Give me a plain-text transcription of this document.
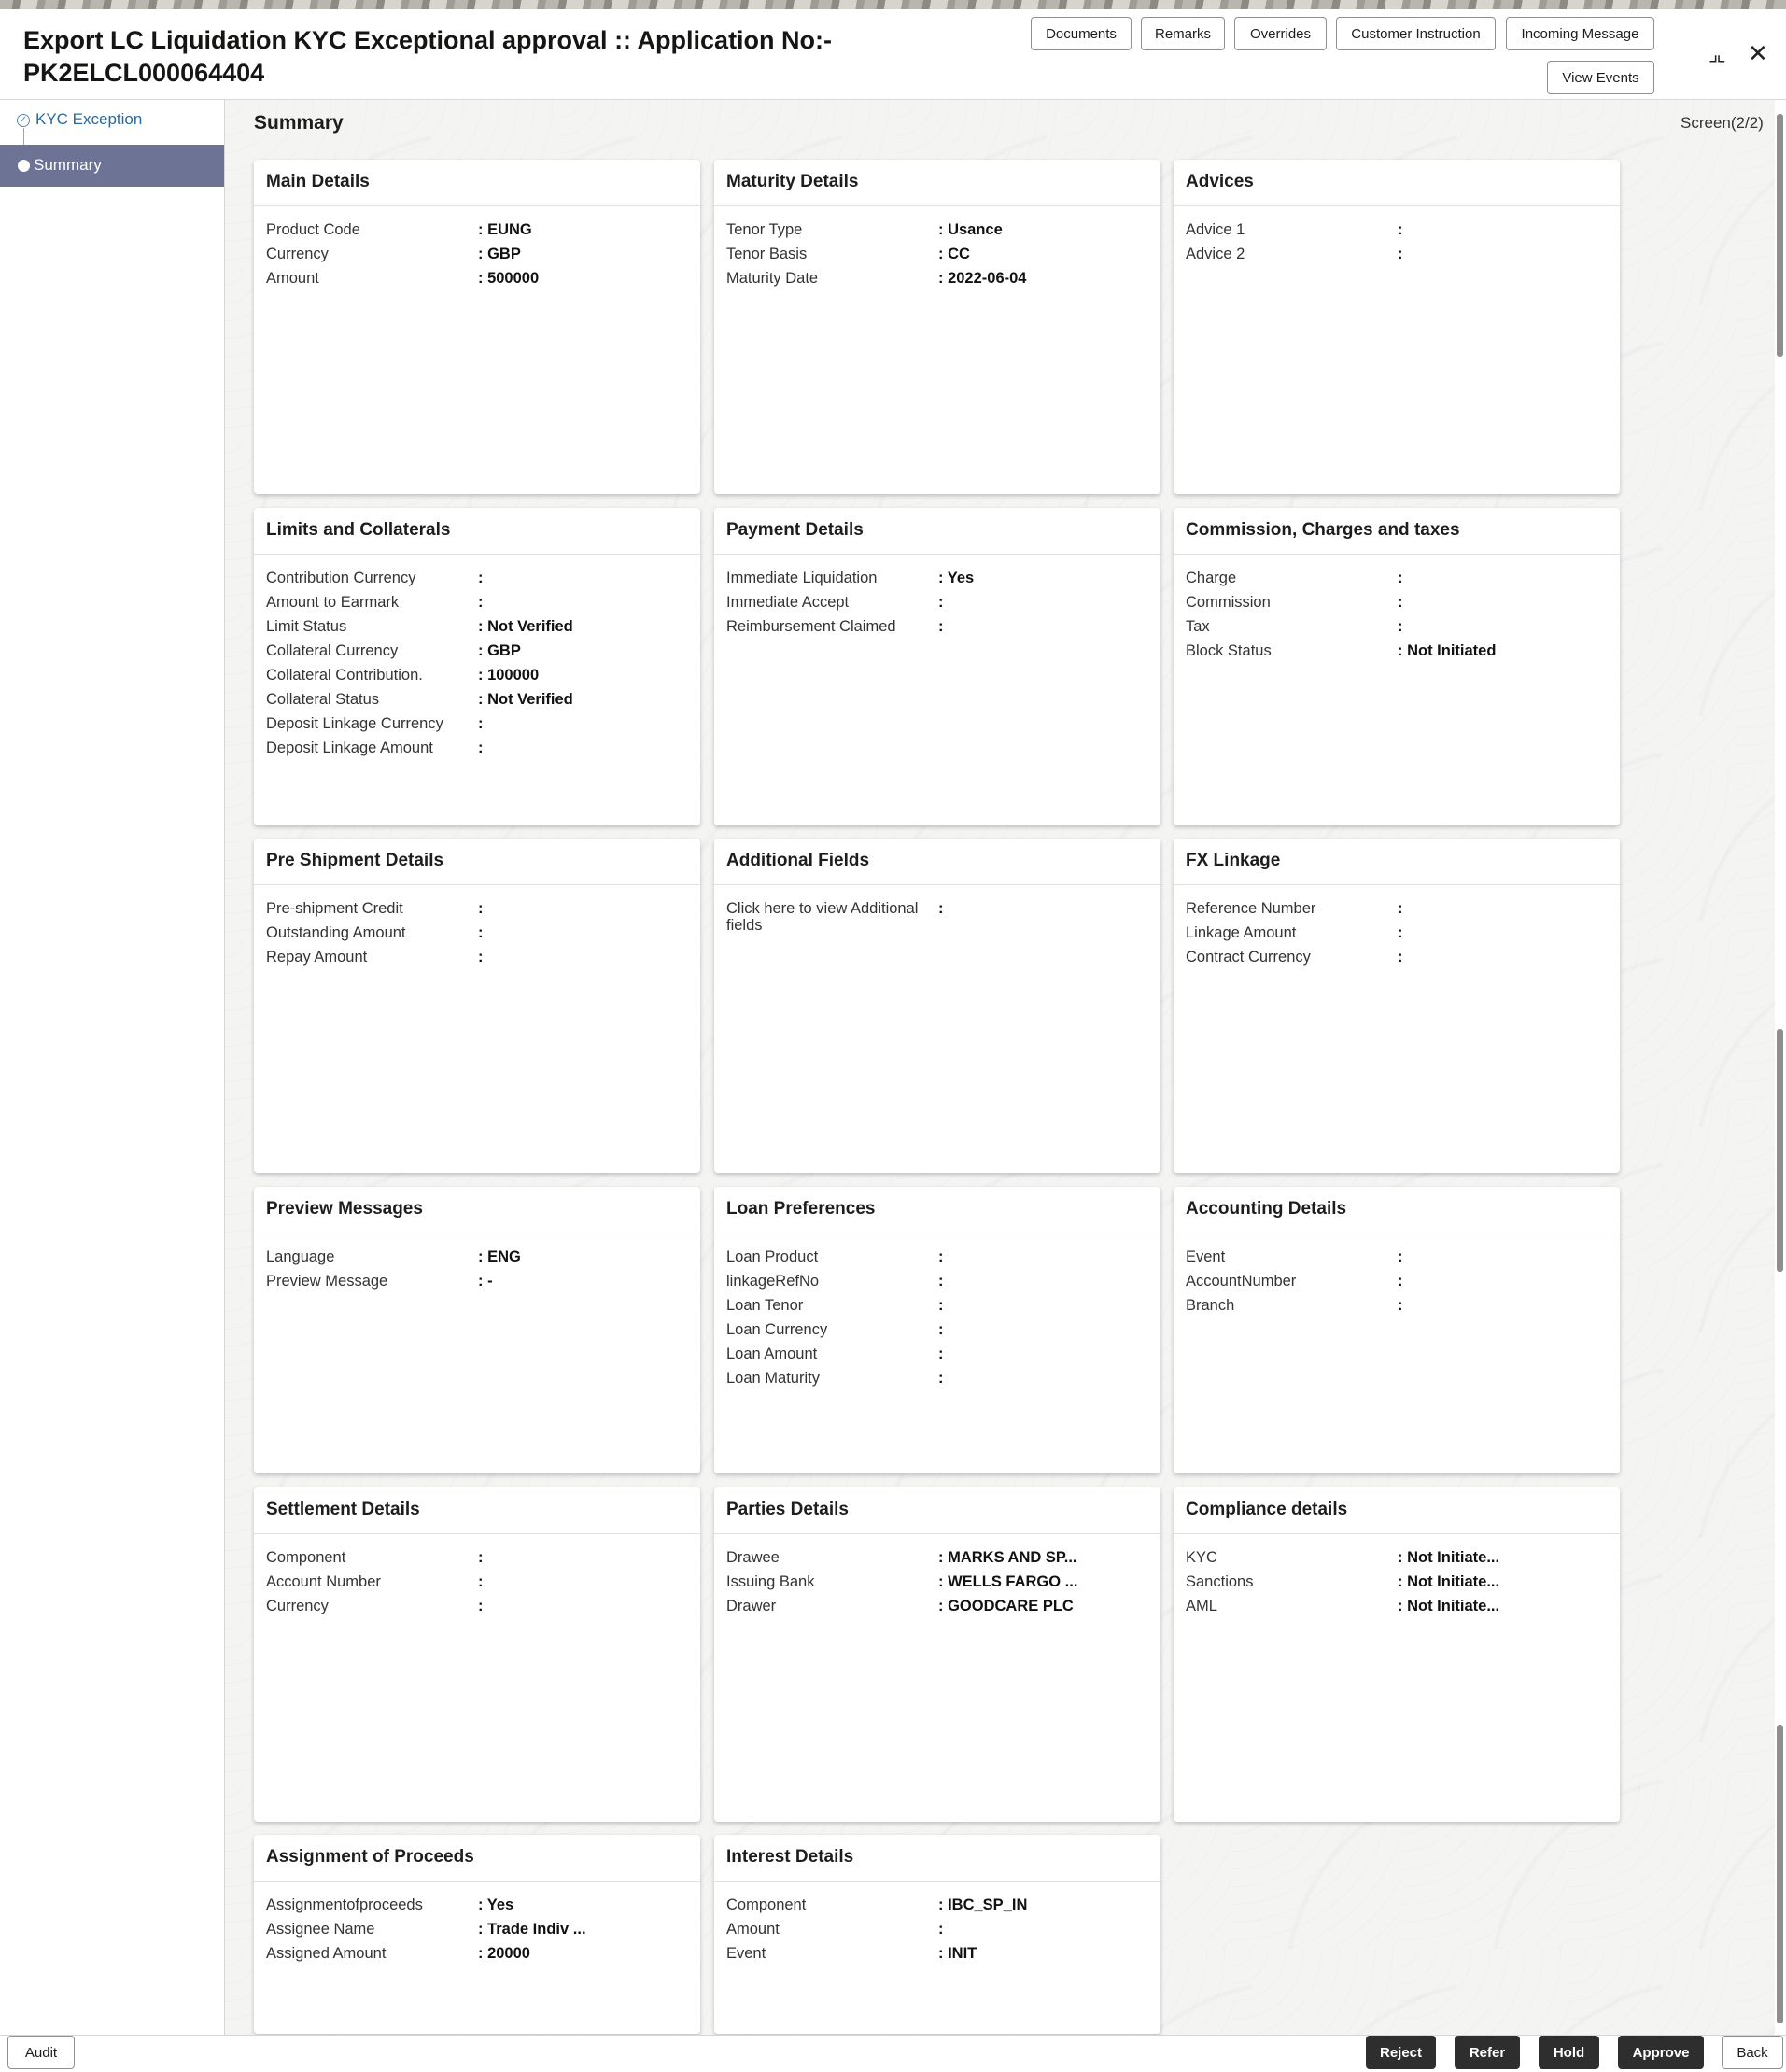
Export LC Liquidation KYC Exceptional approval :: Application No:- PK2ELCL000064404
Documents	Remarks	Overrides	Customer Instruction	Incoming Message
View Events
⌟⌞ ✕
✓ KYC Exception
Summary
Summary	Screen(2/2)
Main Details
Product Code	: EUNG
Currency	: GBP
Amount	: 500000
Maturity Details
Tenor Type	: Usance
Tenor Basis	: CC
Maturity Date	: 2022-06-04
Advices
Advice 1	:
Advice 2	:
Limits and Collaterals
Contribution Currency	:
Amount to Earmark	:
Limit Status	: Not Verified
Collateral Currency	: GBP
Collateral Contribution.	: 100000
Collateral Status	: Not Verified
Deposit Linkage Currency	:
Deposit Linkage Amount	:
Payment Details
Immediate Liquidation	: Yes
Immediate Accept	:
Reimbursement Claimed	:
Commission, Charges and taxes
Charge	:
Commission	:
Tax	:
Block Status	: Not Initiated
Pre Shipment Details
Pre-shipment Credit	:
Outstanding Amount	:
Repay Amount	:
Additional Fields
Click here to view Additional fields
:
FX Linkage
Reference Number	:
Linkage Amount	:
Contract Currency	:
Preview Messages
Language	: ENG
Preview Message	: -
Loan Preferences
Loan Product	:
linkageRefNo	:
Loan Tenor	:
Loan Currency	:
Loan Amount	:
Loan Maturity	:
Accounting Details
Event	:
AccountNumber	:
Branch	:
Settlement Details
Component	:
Account Number	:
Currency	:
Parties Details
Drawee	: MARKS AND SP...
Issuing Bank	: WELLS FARGO ...
Drawer	: GOODCARE PLC
Compliance details
KYC	: Not Initiate...
Sanctions	: Not Initiate...
AML	: Not Initiate...
Assignment of Proceeds
Assignmentofproceeds	: Yes
Assignee Name	: Trade Indiv ...
Assigned Amount	: 20000
Interest Details
Component	: IBC_SP_IN
Amount	:
Event	: INIT
Audit	Reject	Refer	Hold	Approve	Back
